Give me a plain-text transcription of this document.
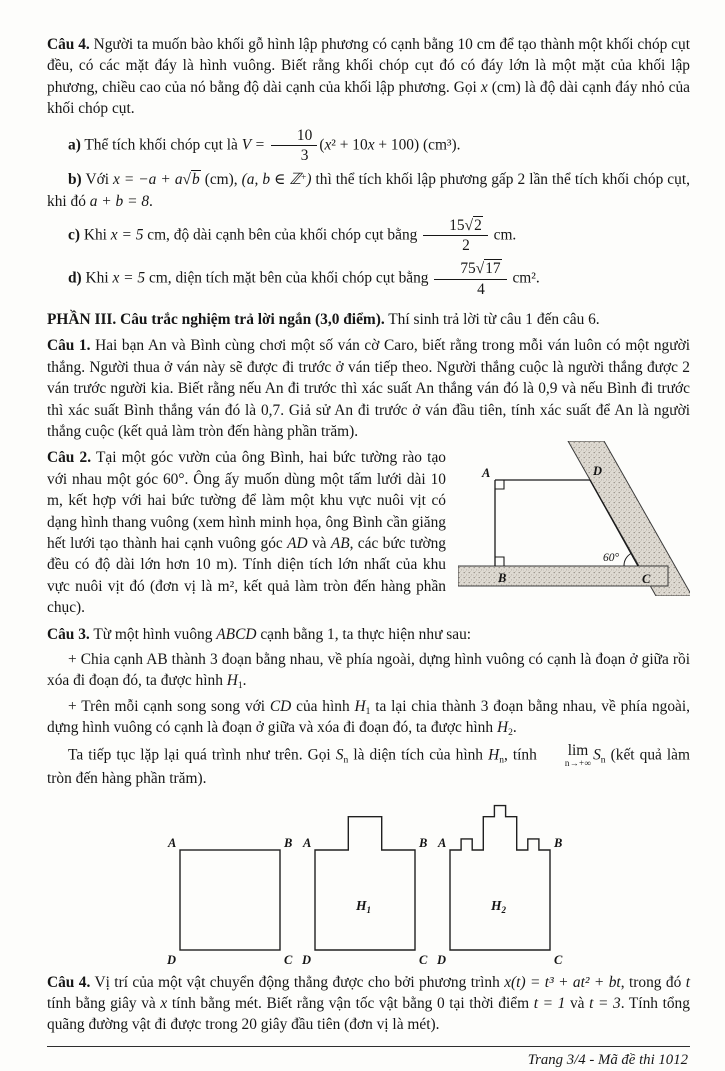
Câu 4. Người ta muốn bào khối gỗ hình lập phương có cạnh bằng 10 cm để tạo thành một khối chóp cụt đều, có các mặt đáy là hình vuông. Biết rằng khối chóp cụt đó có đáy lớn là một mặt của khối lập phương, chiều cao của nó bằng độ dài cạnh của khối lập phương. Gọi x (cm) là độ dài cạnh đáy nhỏ của khối chóp cụt.

a) Thể tích khối chóp cụt là $V = \frac{10}{3} (x^2 + 10x + 100)$ (cm³).

b) Với x = −a + a√b (cm), (a, b ∈ ℤ+) thì thể tích khối lập phương gấp 2 lần thể tích khối chóp cụt, khi đó a + b = 8.

c) Khi x = 5 cm, độ dài cạnh bên của khối chóp cụt bằng $\frac{15√2}{2}$ cm.

d) Khi x = 5 cm, diện tích mặt bên của khối chóp cụt bằng $\frac{75√17}{4} cm^2$.

PHẦN III. Câu trắc nghiệm trả lời ngắn (3,0 điểm). Thí sinh trả lời từ câu 1 đến câu 6.

Câu 1. Hai bạn An và Bình cùng chơi một số ván cờ Caro, biết rằng trong mỗi ván luôn có một người thắng. Người thua ở ván này sẽ được đi trước ở ván tiếp theo. Người thắng cuộc là người thắng được 2 ván trước người kia. Biết rằng nếu An đi trước thì xác suất An thắng ván đó là 0,9 và nếu Bình đi trước thì xác suất Bình thắng ván đó là 0,7. Giả sử An đi trước ở ván đầu tiên, tính xác suất để An là người thắng cuộc (kết quả làm tròn đến hàng phần trăm).

A	D
B	C
60°

Câu 2. Tại một góc vườn của ông Bình, hai bức tường rào tạo với nhau một góc 60°. Ông ấy muốn dùng một tấm lưới dài 10 m, kết hợp với hai bức tường để làm một khu vực nuôi vịt có dạng hình thang vuông (xem hình minh họa, ông Bình cần giăng hết lưới tạo thành hai cạnh vuông góc AD và AB, các bức tường đều có độ dài lớn hơn 10 m). Tính diện tích lớn nhất của khu vực nuôi vịt đó (đơn vị là m², kết quả làm tròn đến hàng phần chục).

Câu 3. Từ một hình vuông ABCD cạnh bằng 1, ta thực hiện như sau:

+ Chia cạnh AB thành 3 đoạn bằng nhau, về phía ngoài, dựng hình vuông có cạnh là đoạn ở giữa rồi xóa đi đoạn đó, ta được hình $H_1$.

+ Trên mỗi cạnh song song với CD của hình $H_1$ ta lại chia thành 3 đoạn bằng nhau, về phía ngoài, dựng hình vuông có cạnh là đoạn ở giữa và xóa đi đoạn đó, ta được hình $H_2$.

Ta tiếp tục lặp lại quá trình như trên. Gọi $S_n$ là diện tích của hình $H_n$, tính	lim
n→+∞ $S_n$ (kết quả làm tròn đến hàng phần trăm).

A	B
D	C
A	B
D	C
$H_1$
A	B
D	C
$H_2$

Câu 4. Vị trí của một vật chuyển động thẳng được cho bởi phương trình x(t) = t³ + at² + bt, trong đó t tính bằng giây và x tính bằng mét. Biết rằng vận tốc vật bằng 0 tại thời điểm t = 1 và t = 3. Tính tổng quãng đường vật đi được trong 20 giây đầu tiên (đơn vị là mét).

Trang 3/4 - Mã đề thi 1012
